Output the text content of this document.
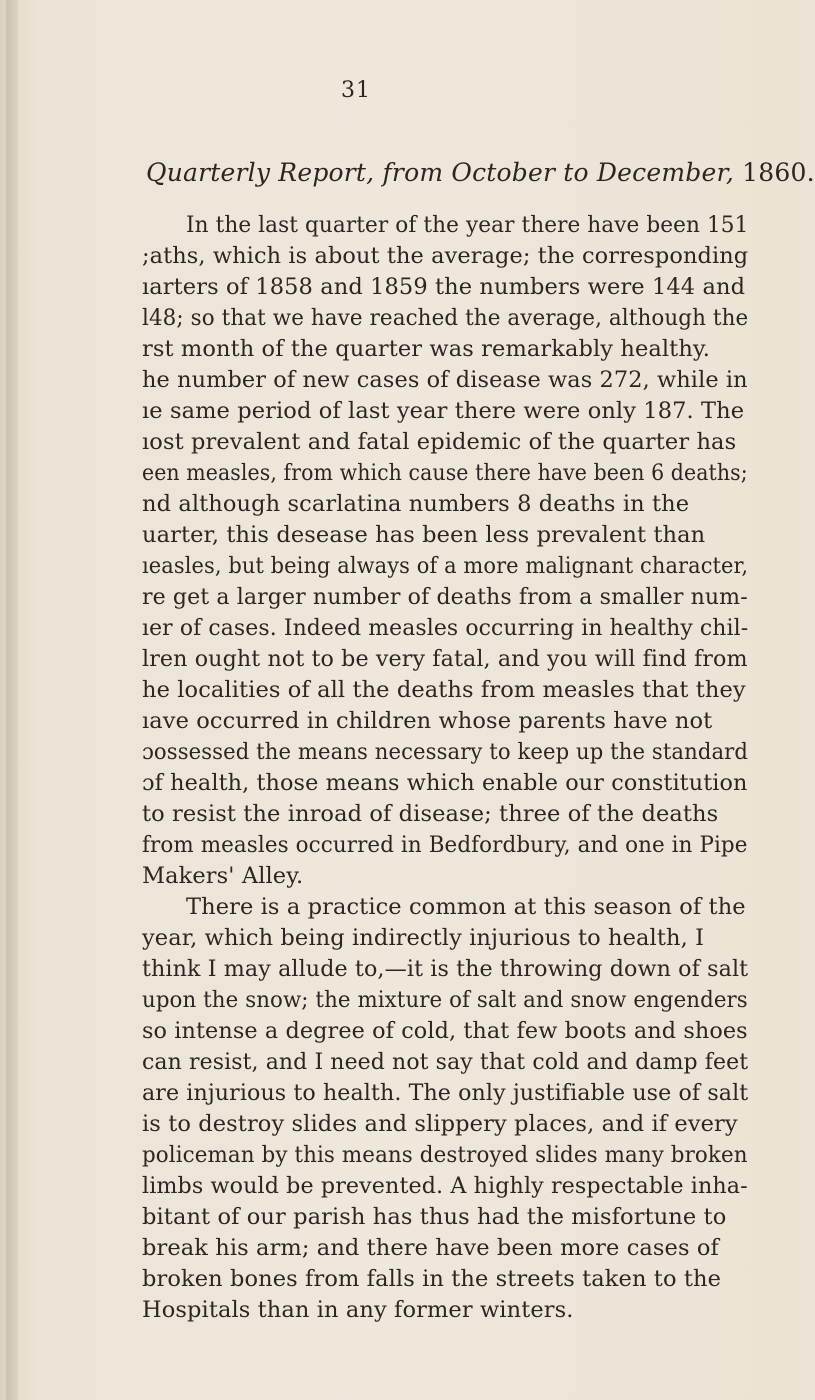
31
Quarterly Report, from October to December, 1860.
In the last quarter of the year there have been 151
;aths, which is about the average; the corresponding
ıarters of 1858 and 1859 the numbers were 144 and
l48; so that we have reached the average, although the
rst month of the quarter was remarkably healthy.
he number of new cases of disease was 272, while in
ıe same period of last year there were only 187. The
ıost prevalent and fatal epidemic of the quarter has
een measles, from which cause there have been 6 deaths;
nd although scarlatina numbers 8 deaths in the
uarter, this desease has been less prevalent than
ıeasles, but being always of a more malignant character,
re get a larger number of deaths from a smaller num-
ıer of cases. Indeed measles occurring in healthy chil-
lren ought not to be very fatal, and you will find from
he localities of all the deaths from measles that they
ıave occurred in children whose parents have not
ɔossessed the means necessary to keep up the standard
ɔf health, those means which enable our constitution
to resist the inroad of disease; three of the deaths
from measles occurred in Bedfordbury, and one in Pipe
Makers' Alley.
There is a practice common at this season of the
year, which being indirectly injurious to health, I
think I may allude to,—it is the throwing down of salt
upon the snow; the mixture of salt and snow engenders
so intense a degree of cold, that few boots and shoes
can resist, and I need not say that cold and damp feet
are injurious to health. The only justifiable use of salt
is to destroy slides and slippery places, and if every
policeman by this means destroyed slides many broken
limbs would be prevented. A highly respectable inha-
bitant of our parish has thus had the misfortune to
break his arm; and there have been more cases of
broken bones from falls in the streets taken to the
Hospitals than in any former winters.
